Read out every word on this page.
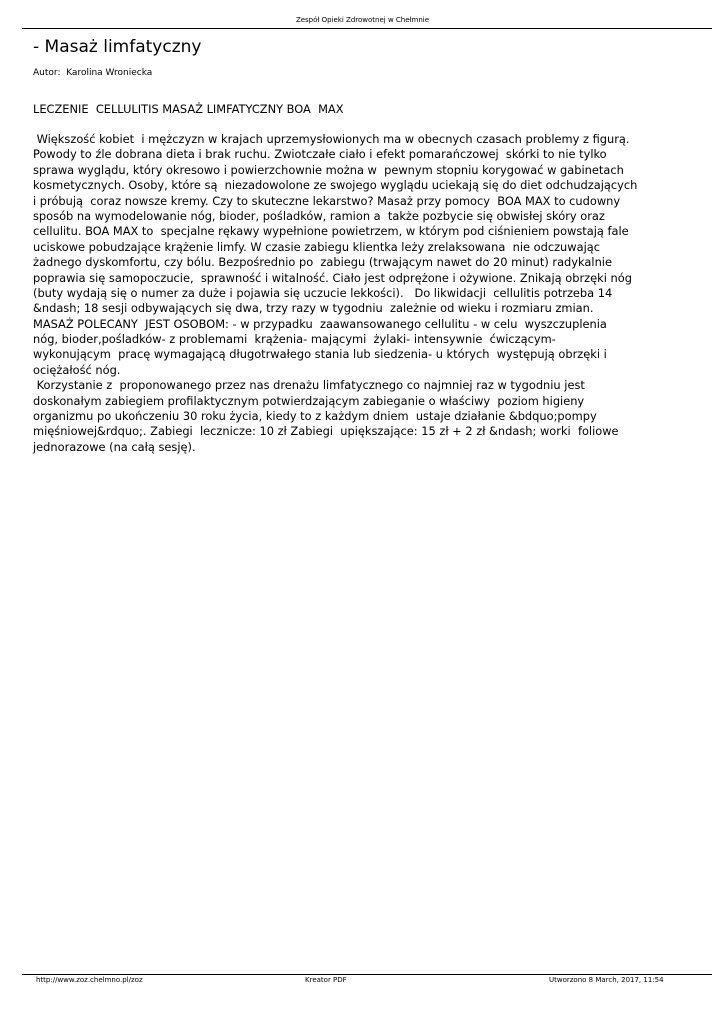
Zespół Opieki Zdrowotnej w Chełmnie
- Masaż limfatyczny
Autor:  Karolina Wroniecka
LECZENIE  CELLULITIS MASAŻ LIMFATYCZNY BOA  MAX
Większość kobiet  i mężczyzn w krajach uprzemysłowionych ma w obecnych czasach problemy z figurą.
Powody to źle dobrana dieta i brak ruchu. Zwiotczałe ciało i efekt pomarańczowej  skórki to nie tylko
sprawa wyglądu, który okresowo i powierzchownie można w  pewnym stopniu korygować w gabinetach
kosmetycznych. Osoby, które są  niezadowolone ze swojego wyglądu uciekają się do diet odchudzających
i próbują  coraz nowsze kremy. Czy to skuteczne lekarstwo? Masaż przy pomocy  BOA MAX to cudowny
sposób na wymodelowanie nóg, bioder, pośladków, ramion a  także pozbycie się obwisłej skóry oraz
cellulitu. BOA MAX to  specjalne rękawy wypełnione powietrzem, w którym pod ciśnieniem powstają fale
uciskowe pobudzające krążenie limfy. W czasie zabiegu klientka leży zrelaksowana  nie odczuwając
żadnego dyskomfortu, czy bólu. Bezpośrednio po  zabiegu (trwającym nawet do 20 minut) radykalnie
poprawia się samopoczucie,  sprawność i witalność. Ciało jest odprężone i ożywione. Znikają obrzęki nóg
(buty wydają się o numer za duże i pojawia się uczucie lekkości).   Do likwidacji  cellulitis potrzeba 14
&ndash; 18 sesji odbywających się dwa, trzy razy w tygodniu  zależnie od wieku i rozmiaru zmian.
MASAŻ POLECANY  JEST OSOBOM: - w przypadku  zaawansowanego cellulitu - w celu  wyszczuplenia
nóg, bioder,pośladków- z problemami  krążenia- mającymi  żylaki- intensywnie  ćwiczącym-
wykonującym  pracę wymagającą długotrwałego stania lub siedzenia- u których  występują obrzęki i
ociężałość nóg.
Korzystanie z  proponowanego przez nas drenażu limfatycznego co najmniej raz w tygodniu jest
doskonałym zabiegiem profilaktycznym potwierdzającym zabieganie o właściwy  poziom higieny
organizmu po ukończeniu 30 roku życia, kiedy to z każdym dniem  ustaje działanie &bdquo;pompy
mięśniowej&rdquo;. Zabiegi  lecznicze: 10 zł Zabiegi  upiększające: 15 zł + 2 zł &ndash; worki  foliowe
jednorazowe (na całą sesję).
http://www.zoz.chelmno.pl/zoz	Kreator PDF	Utworzono 8 March, 2017, 11:54
